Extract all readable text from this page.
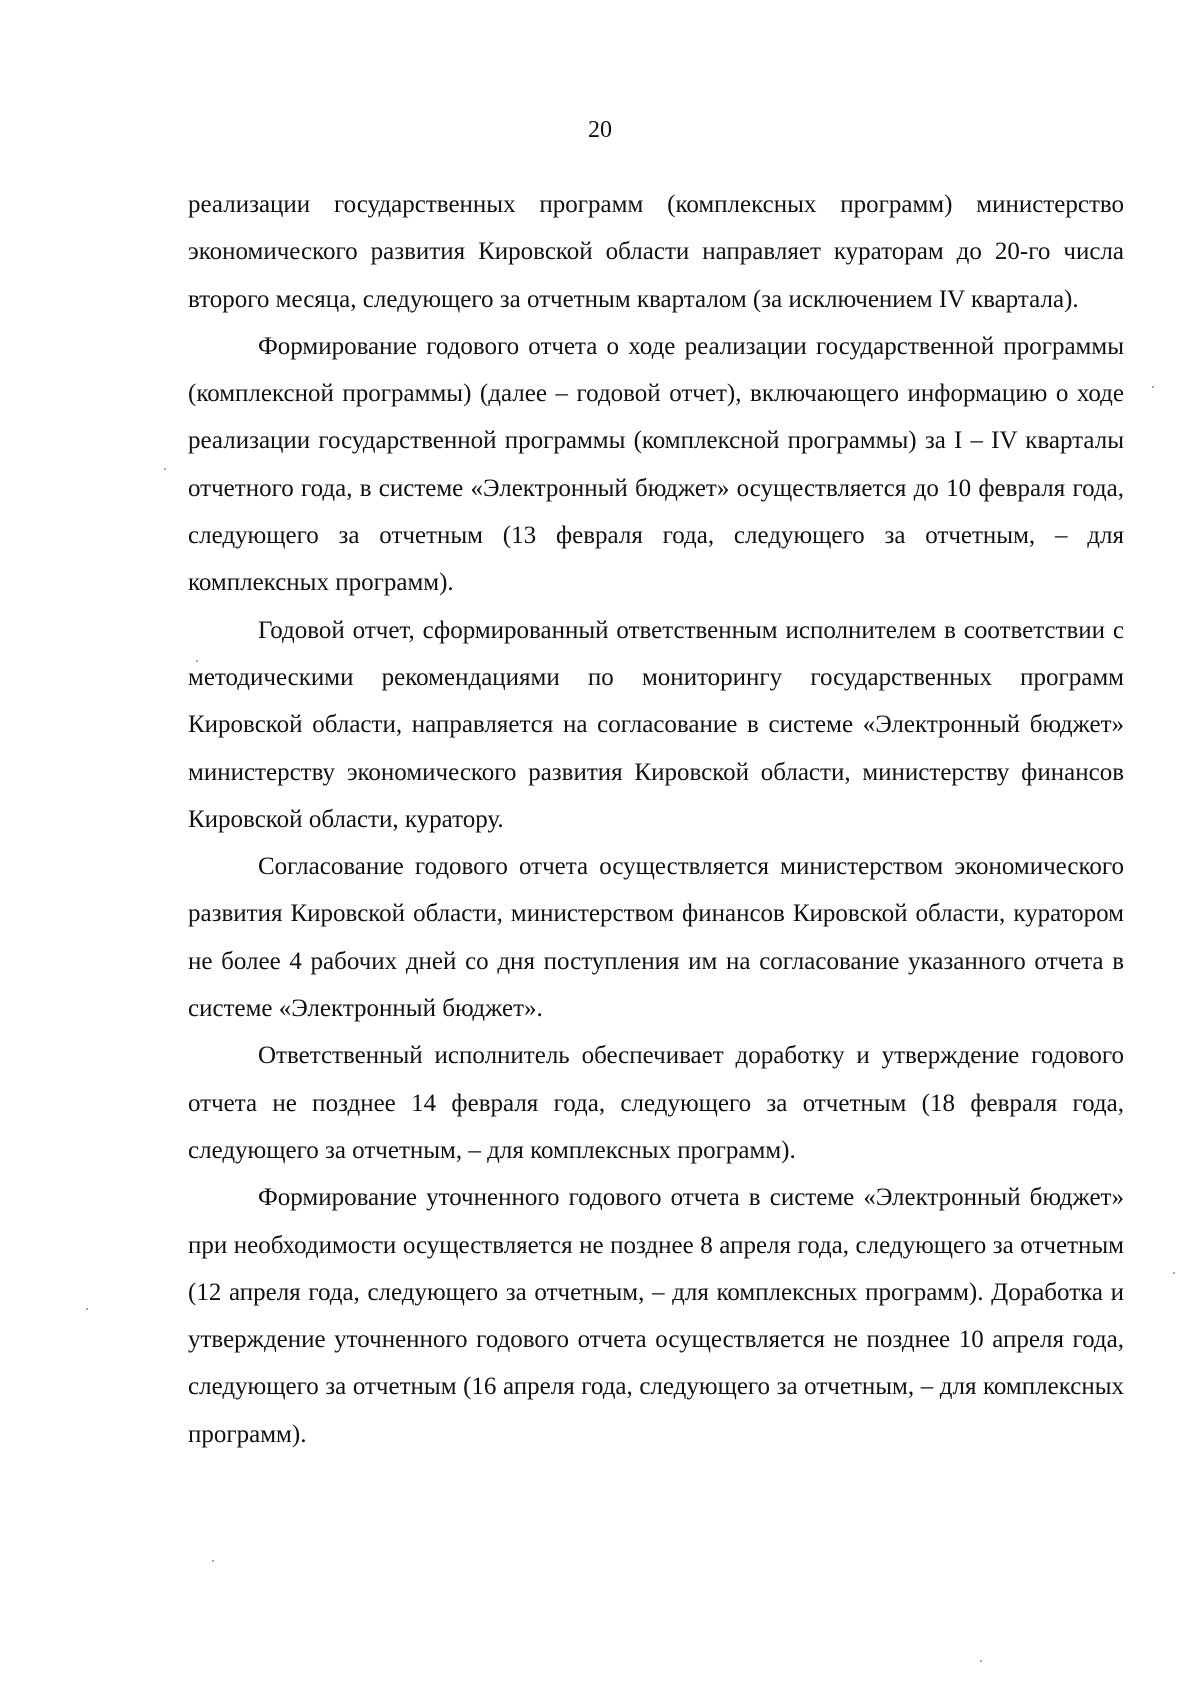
20

реализации государственных программ (комплексных программ) министерство экономического развития Кировской области направляет кураторам до 20-го числа второго месяца, следующего за отчетным кварталом (за исключением IV квартала).

Формирование годового отчета о ходе реализации государственной программы (комплексной программы) (далее – годовой отчет), включающего информацию о ходе реализации государственной программы (комплексной программы) за I – IV кварталы отчетного года, в системе «Электронный бюджет» осуществляется до 10 февраля года, следующего за отчетным (13 февраля года, следующего за отчетным, – для комплексных программ).

Годовой отчет, сформированный ответственным исполнителем в соответствии с методическими рекомендациями по мониторингу государственных программ Кировской области, направляется на согласование в системе «Электронный бюджет» министерству экономического развития Кировской области, министерству финансов Кировской области, куратору.

Согласование годового отчета осуществляется министерством экономического развития Кировской области, министерством финансов Кировской области, куратором не более 4 рабочих дней со дня поступления им на согласование указанного отчета в системе «Электронный бюджет».

Ответственный исполнитель обеспечивает доработку и утверждение годового отчета не позднее 14 февраля года, следующего за отчетным (18 февраля года, следующего за отчетным, – для комплексных программ).

Формирование уточненного годового отчета в системе «Электронный бюджет» при необходимости осуществляется не позднее 8 апреля года, следующего за отчетным (12 апреля года, следующего за отчетным, – для комплексных программ). Доработка и утверждение уточненного годового отчета осуществляется не позднее 10 апреля года, следующего за отчетным (16 апреля года, следующего за отчетным, – для комплексных программ).
